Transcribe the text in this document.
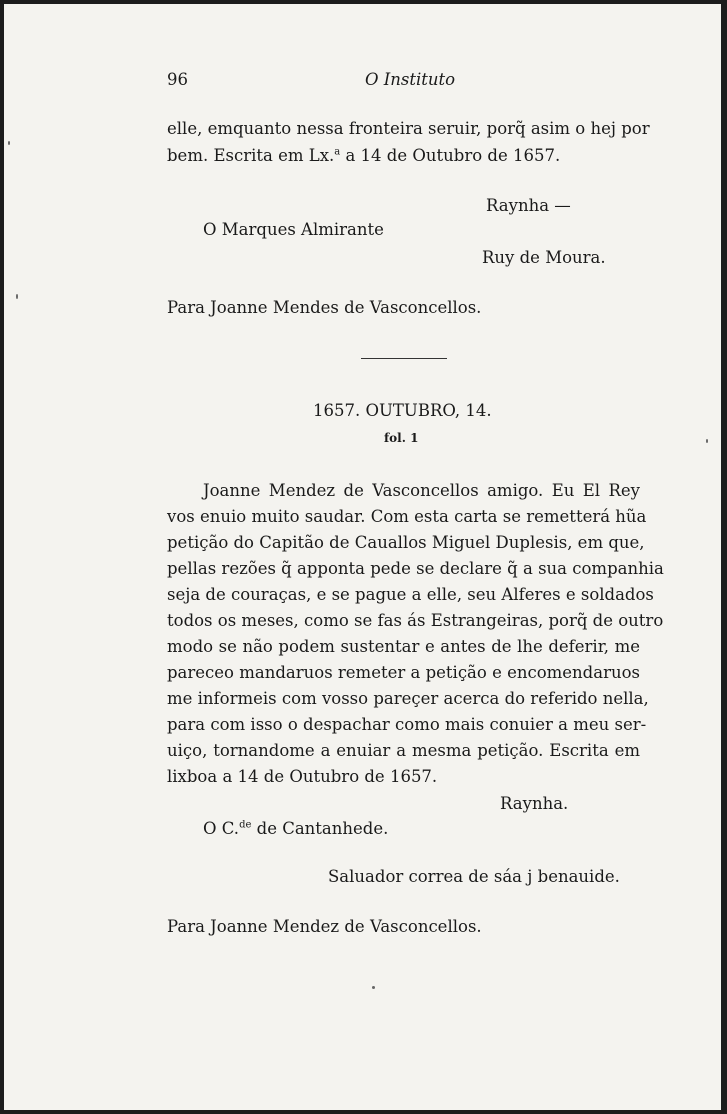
96	O Instituto
elle, emquanto nessa fronteira seruir, porq̃ asim o hej por
bem. Escrita em Lx.$^a$ a 14 de Outubro de 1657.
Raynha —
O Marques Almirante
Ruy de Moura.
Para Joanne Mendes de Vasconcellos.
1657. OUTUBRO, 14.
fol. 1
Joanne Mendez de Vasconcellos amigo. Eu El Rey
vos enuio muito saudar. Com esta carta se remetterá hũa
petição do Capitão de Cauallos Miguel Duplesis, em que,
pellas rezões q̃ apponta pede se declare q̃ a sua companhia
seja de couraças, e se pague a elle, seu Alferes e soldados
todos os meses, como se fas ás Estrangeiras, porq̃ de outro
modo se não podem sustentar e antes de lhe deferir, me
pareceo mandaruos remeter a petição e encomendaruos
me informeis com vosso pareçer acerca do referido nella,
para com isso o despachar como mais conuier a meu ser-
uiço, tornandome a enuiar a mesma petição. Escrita em
lixboa a 14 de Outubro de 1657.
Raynha.
O C.$^{de}$ de Cantanhede.
Saluador correa de sáa j benauide.
Para Joanne Mendez de Vasconcellos.
